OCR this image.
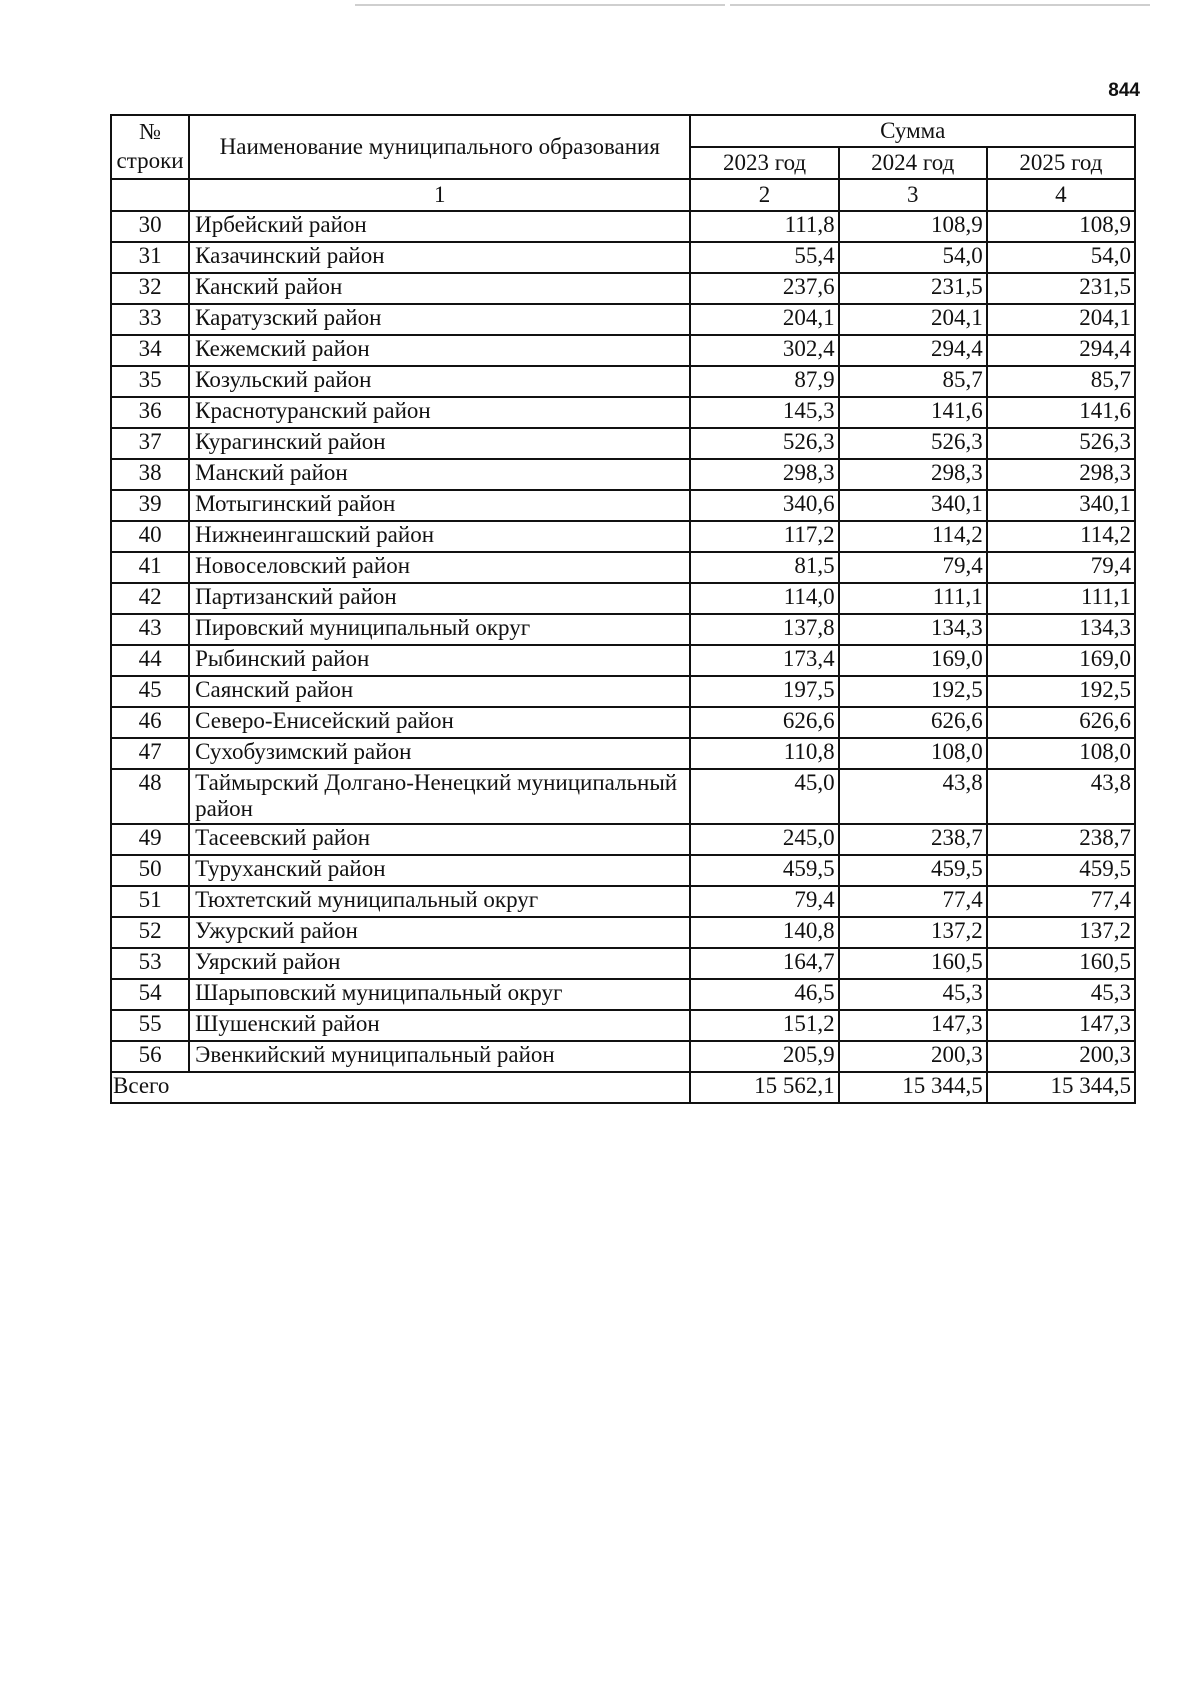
844
№ строки	Наименование муниципального образования	Сумма		
		2023 год	2024 год	2025 год
	1	2	3	4
30	Ирбейский район	111,8	108,9	108,9
31	Казачинский район	55,4	54,0	54,0
32	Канский район	237,6	231,5	231,5
33	Каратузский район	204,1	204,1	204,1
34	Кежемский район	302,4	294,4	294,4
35	Козульский район	87,9	85,7	85,7
36	Краснотуранский район	145,3	141,6	141,6
37	Курагинский район	526,3	526,3	526,3
38	Манский район	298,3	298,3	298,3
39	Мотыгинский район	340,6	340,1	340,1
40	Нижнеингашский район	117,2	114,2	114,2
41	Новоселовский район	81,5	79,4	79,4
42	Партизанский район	114,0	111,1	111,1
43	Пировский муниципальный округ	137,8	134,3	134,3
44	Рыбинский район	173,4	169,0	169,0
45	Саянский район	197,5	192,5	192,5
46	Северо-Енисейский район	626,6	626,6	626,6
47	Сухобузимский район	110,8	108,0	108,0
48	Таймырский Долгано-Ненецкий муниципальный район	45,0	43,8	43,8
49	Тасеевский район	245,0	238,7	238,7
50	Туруханский район	459,5	459,5	459,5
51	Тюхтетский муниципальный округ	79,4	77,4	77,4
52	Ужурский район	140,8	137,2	137,2
53	Уярский район	164,7	160,5	160,5
54	Шарыповский муниципальный округ	46,5	45,3	45,3
55	Шушенский район	151,2	147,3	147,3
56	Эвенкийский муниципальный район	205,9	200,3	200,3
Всего		15 562,1	15 344,5	15 344,5
